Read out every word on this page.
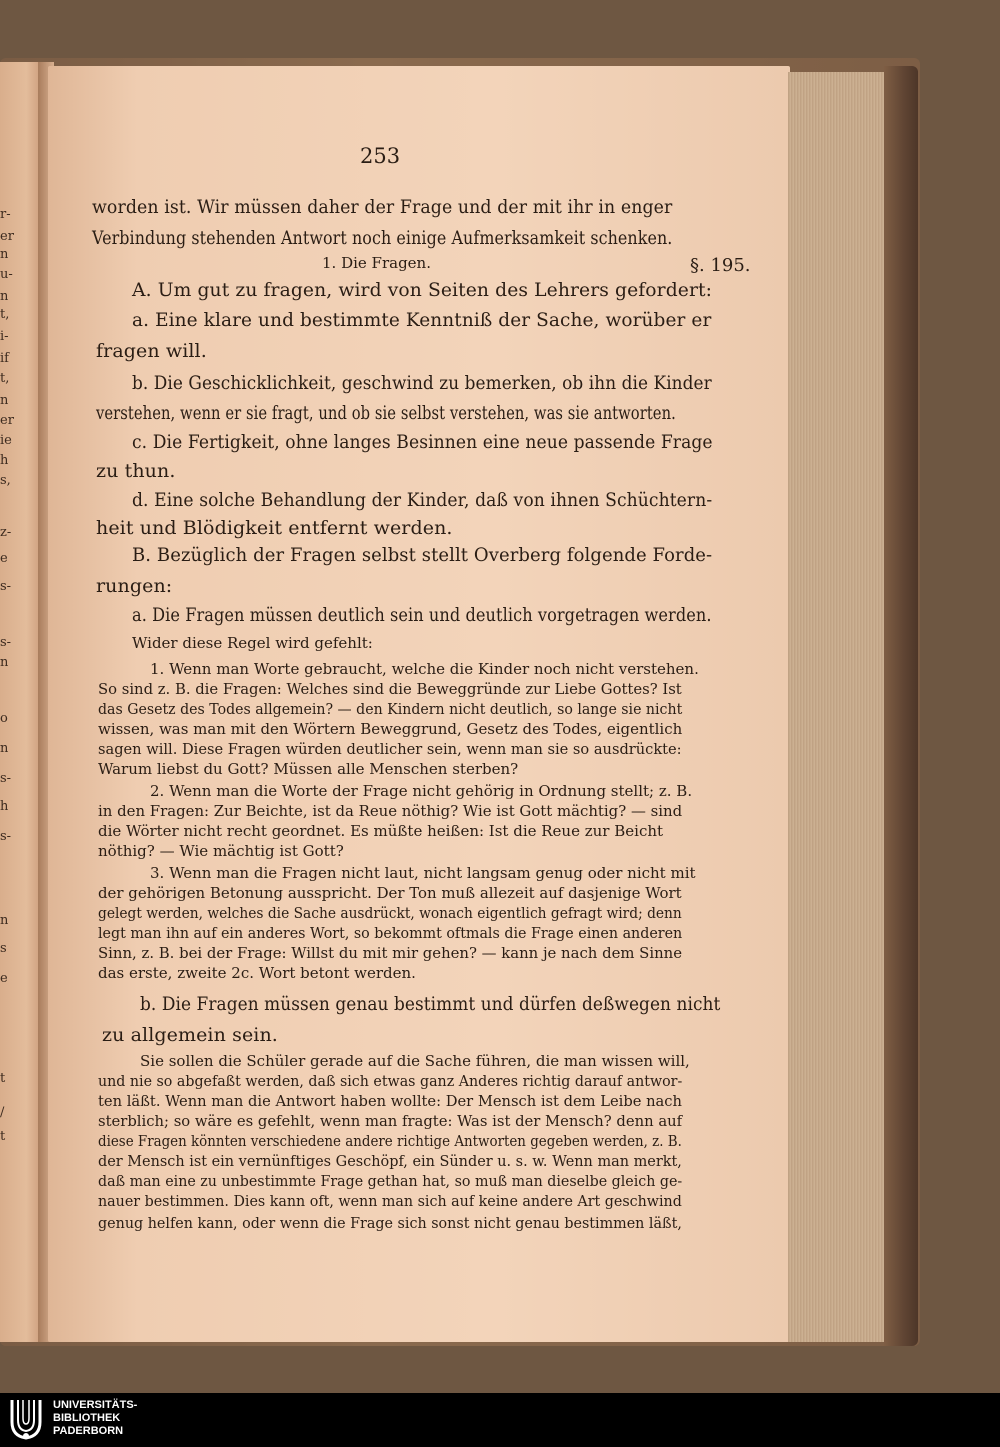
r-
er
n
u-
n
t,
i-
if
t,
n
er
ie
h
s,
z-
e
s-
s-
n
o
n
s-
h
s-
n
s
e
t
/
t
253
§. 195.
1. Die Fragen.
worden ist. Wir müssen daher der Frage und der mit ihr in enger
Verbindung stehenden Antwort noch einige Aufmerksamkeit schenken.
A. Um gut zu fragen, wird von Seiten des Lehrers gefordert:
a. Eine klare und bestimmte Kenntniß der Sache, worüber er
fragen will.
b. Die Geschicklichkeit, geschwind zu bemerken, ob ihn die Kinder
verstehen, wenn er sie fragt, und ob sie selbst verstehen, was sie antworten.
c. Die Fertigkeit, ohne langes Besinnen eine neue passende Frage
zu thun.
d. Eine solche Behandlung der Kinder, daß von ihnen Schüchtern-
heit und Blödigkeit entfernt werden.
B. Bezüglich der Fragen selbst stellt Overberg folgende Forde-
rungen:
a. Die Fragen müssen deutlich sein und deutlich vorgetragen werden.
Wider diese Regel wird gefehlt:
1. Wenn man Worte gebraucht, welche die Kinder noch nicht verstehen.
So sind z. B. die Fragen: Welches sind die Beweggründe zur Liebe Gottes? Ist
das Gesetz des Todes allgemein? — den Kindern nicht deutlich, so lange sie nicht
wissen, was man mit den Wörtern Beweggrund, Gesetz des Todes, eigentlich
sagen will. Diese Fragen würden deutlicher sein, wenn man sie so ausdrückte:
Warum liebst du Gott? Müssen alle Menschen sterben?
2. Wenn man die Worte der Frage nicht gehörig in Ordnung stellt; z. B.
in den Fragen: Zur Beichte, ist da Reue nöthig? Wie ist Gott mächtig? — sind
die Wörter nicht recht geordnet. Es müßte heißen: Ist die Reue zur Beicht
nöthig? — Wie mächtig ist Gott?
3. Wenn man die Fragen nicht laut, nicht langsam genug oder nicht mit
der gehörigen Betonung ausspricht. Der Ton muß allezeit auf dasjenige Wort
gelegt werden, welches die Sache ausdrückt, wonach eigentlich gefragt wird; denn
legt man ihn auf ein anderes Wort, so bekommt oftmals die Frage einen anderen
Sinn, z. B. bei der Frage: Willst du mit mir gehen? — kann je nach dem Sinne
das erste, zweite 2c. Wort betont werden.
b. Die Fragen müssen genau bestimmt und dürfen deßwegen nicht
zu allgemein sein.
Sie sollen die Schüler gerade auf die Sache führen, die man wissen will,
und nie so abgefaßt werden, daß sich etwas ganz Anderes richtig darauf antwor-
ten läßt. Wenn man die Antwort haben wollte: Der Mensch ist dem Leibe nach
sterblich; so wäre es gefehlt, wenn man fragte: Was ist der Mensch? denn auf
diese Fragen könnten verschiedene andere richtige Antworten gegeben werden, z. B.
der Mensch ist ein vernünftiges Geschöpf, ein Sünder u. s. w. Wenn man merkt,
daß man eine zu unbestimmte Frage gethan hat, so muß man dieselbe gleich ge-
nauer bestimmen. Dies kann oft, wenn man sich auf keine andere Art geschwind
genug helfen kann, oder wenn die Frage sich sonst nicht genau bestimmen läßt,
UNIVERSITÄTS-
BIBLIOTHEK
PADERBORN
